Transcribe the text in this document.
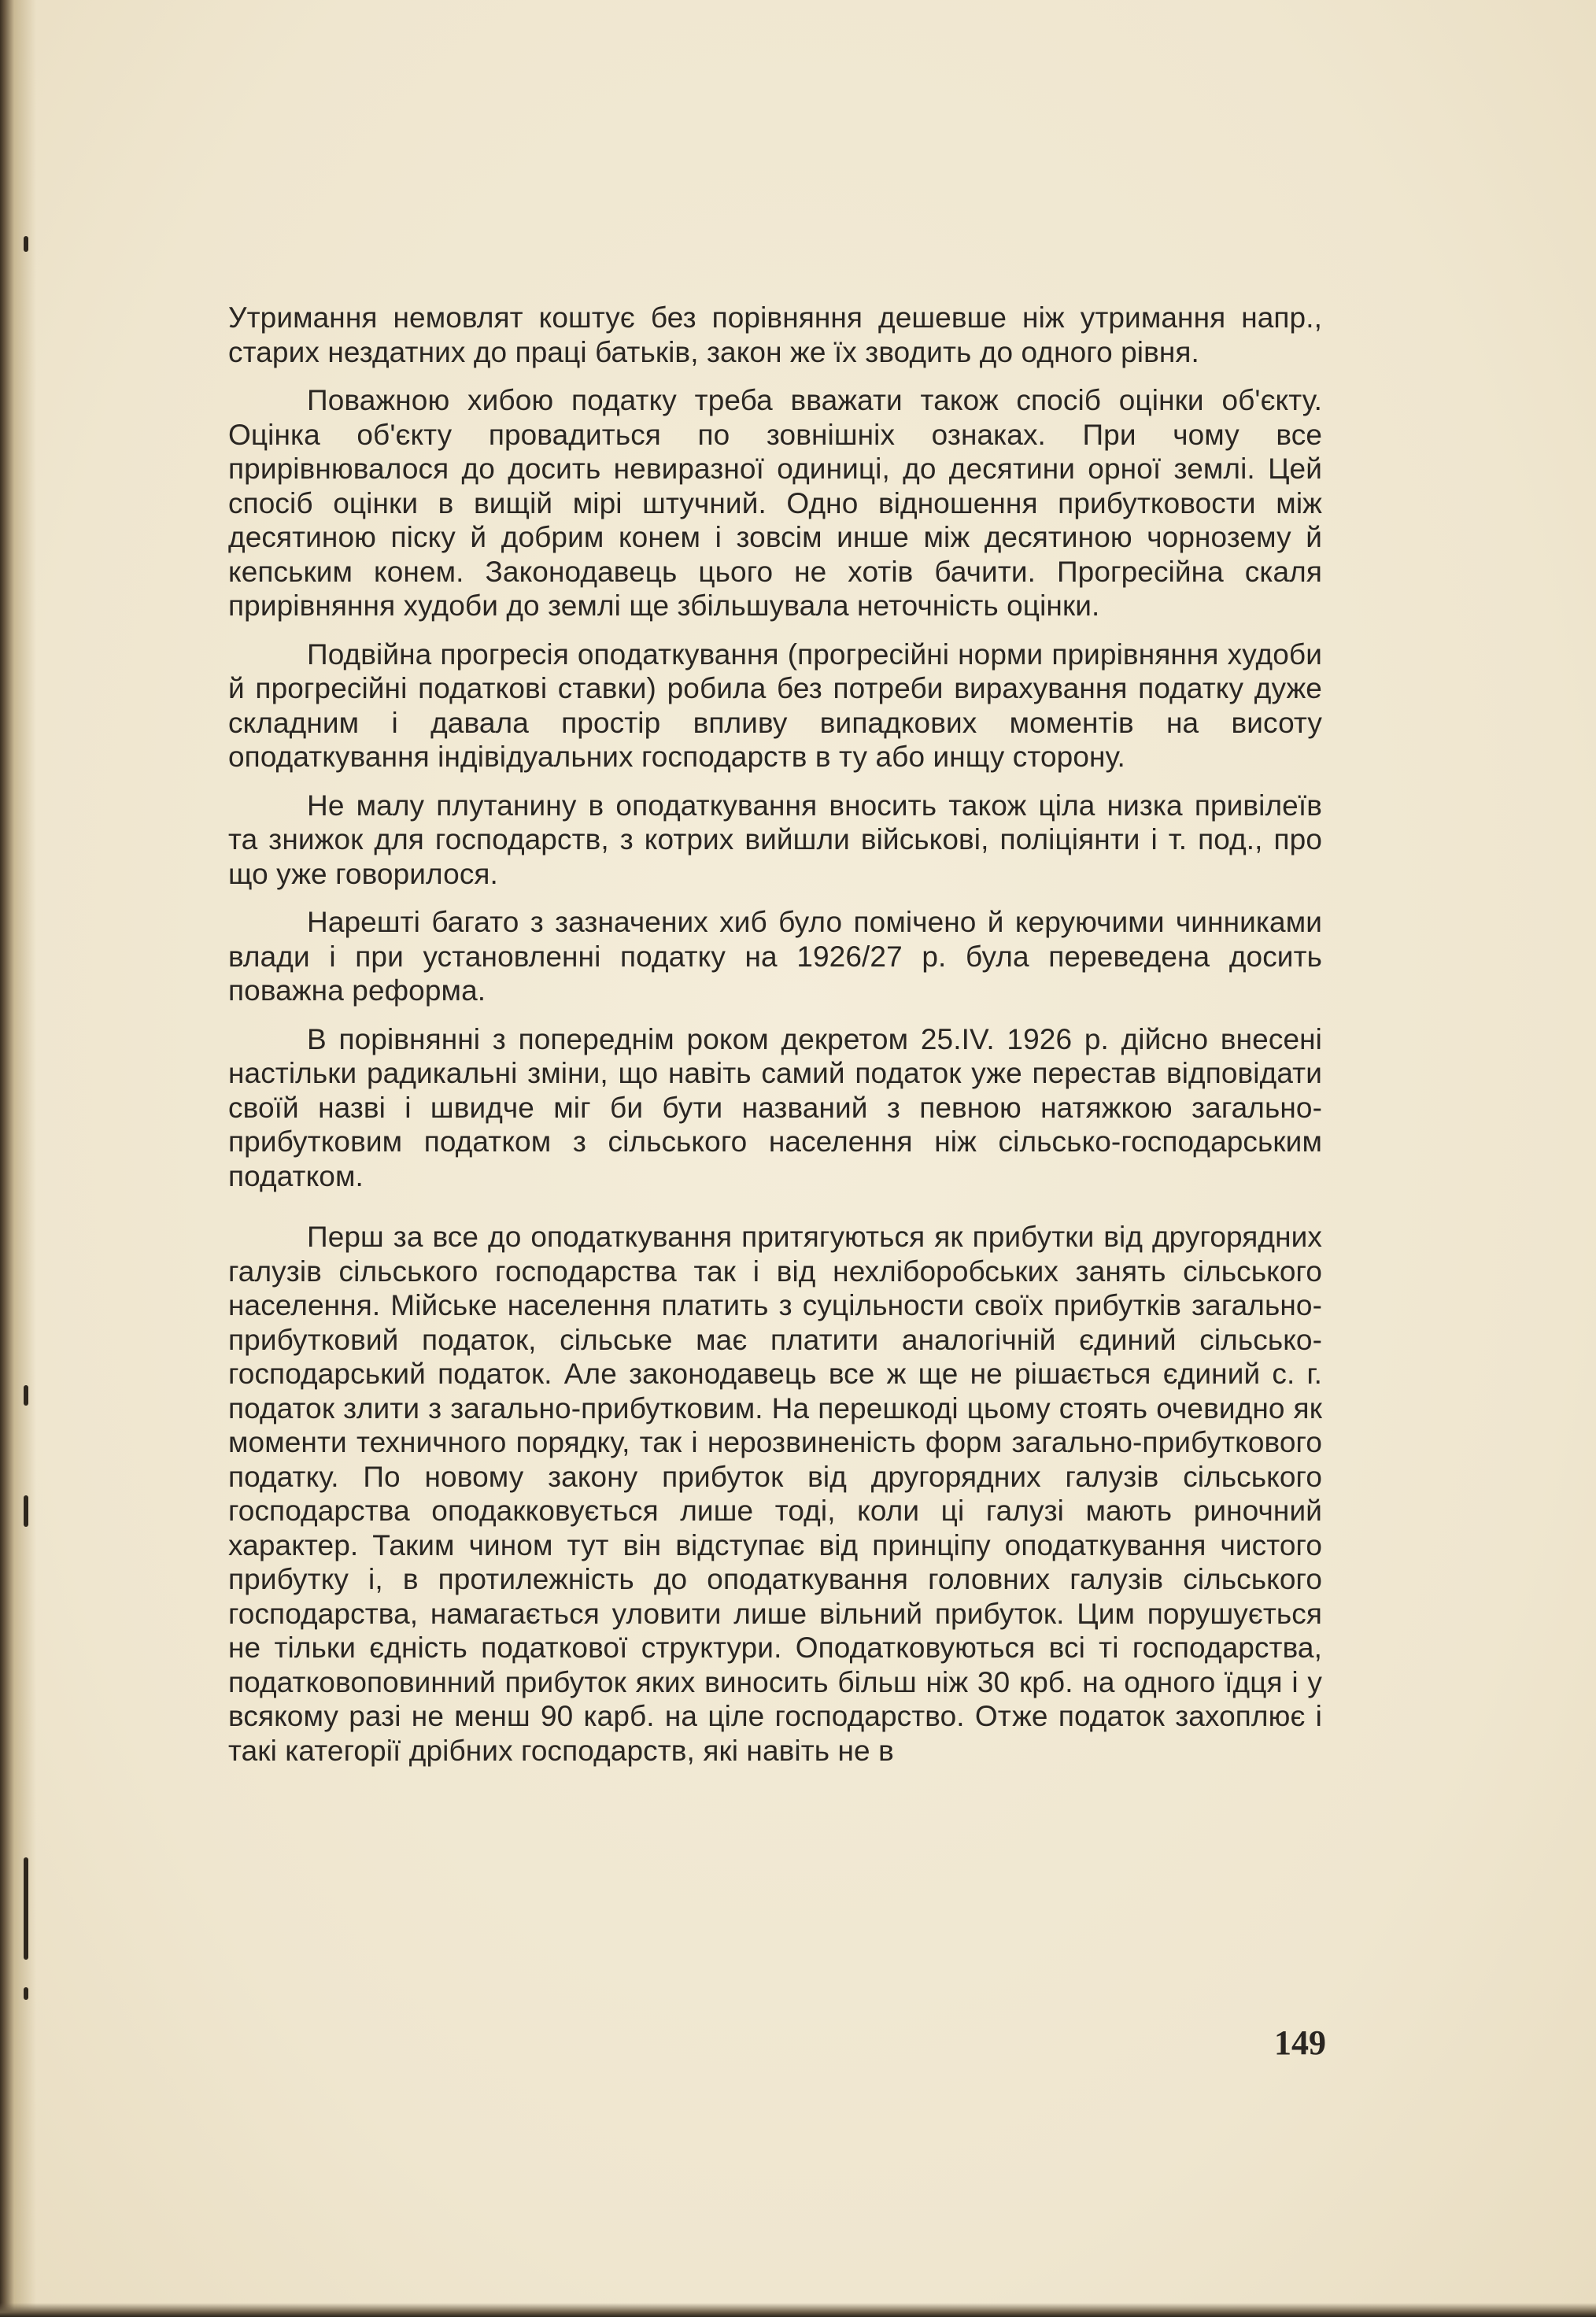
Утримання немовлят коштує без порівняння дешевше ніж утримання напр., старих нездатних до праці батьків, закон же їх зводить до одного рівня.

Поважною хибою податку треба вважати також спосіб оцінки об'єкту. Оцінка об'єкту провадиться по зовнішніх ознаках. При чому все прирівнювалося до досить невиразної одиниці, до десятини орної землі. Цей спосіб оцінки в вищій мірі штучний. Одно відношення прибутковости між десятиною піску й добрим конем і зовсім инше між десятиною чорнозему й кепським конем. Законодавець цього не хотів бачити. Прогресійна скаля прирівняння худоби до землі ще збільшувала неточність оцінки.

Подвійна прогресія оподаткування (прогресійні норми прирівняння худоби й прогресійні податкові ставки) робила без потреби вирахування податку дуже складним і давала простір впливу випадкових моментів на висоту оподаткування індівідуальних господарств в ту або инщу сторону.

Не малу плутанину в оподаткування вносить також ціла низка привілеїв та знижок для господарств, з котрих вийшли військові, поліціянти і т. под., про що уже говорилося.

Нарешті багато з зазначених хиб було помічено й керуючими чинниками влади і при установленні податку на 1926/27 р. була переведена досить поважна реформа.

В порівнянні з попереднім роком декретом 25.IV. 1926 р. дійсно внесені настільки радикальні зміни, що навіть самий податок уже перестав відповідати своїй назві і швидче міг би бути названий з певною натяжкою загально-прибутковим податком з сільського населення ніж сільсько-господарським податком.

Перш за все до оподаткування притягуються як прибутки від другорядних галузів сільського господарства так і від нехліборобських занять сільського населення. Мійське населення платить з суцільности своїх прибутків загально-прибутковий податок, сільське має платити аналогічній єдиний сільсько-господарський податок. Але законодавець все ж ще не рішається єдиний с. г. податок злити з загально-прибутковим. На перешкоді цьому стоять очевидно як моменти техничного порядку, так і нерозвиненість форм загально-прибуткового податку. По новому закону прибуток від другорядних галузів сільського господарства оподакковується лише тоді, коли ці галузі мають риночний характер. Таким чином тут він відступає від принціпу оподаткування чистого прибутку і, в протилежність до оподаткування головних галузів сільського господарства, намагається уловити лише вільний прибуток. Цим порушується не тільки єдність податкової структури. Оподатковуються всі ті господарства, податковоповинний прибуток яких виносить більш ніж 30 крб. на одного їдця і у всякому разі не менш 90 карб. на ціле господарство. Отже податок захоплює і такі категорії дрібних господарств, які навіть не в

149
